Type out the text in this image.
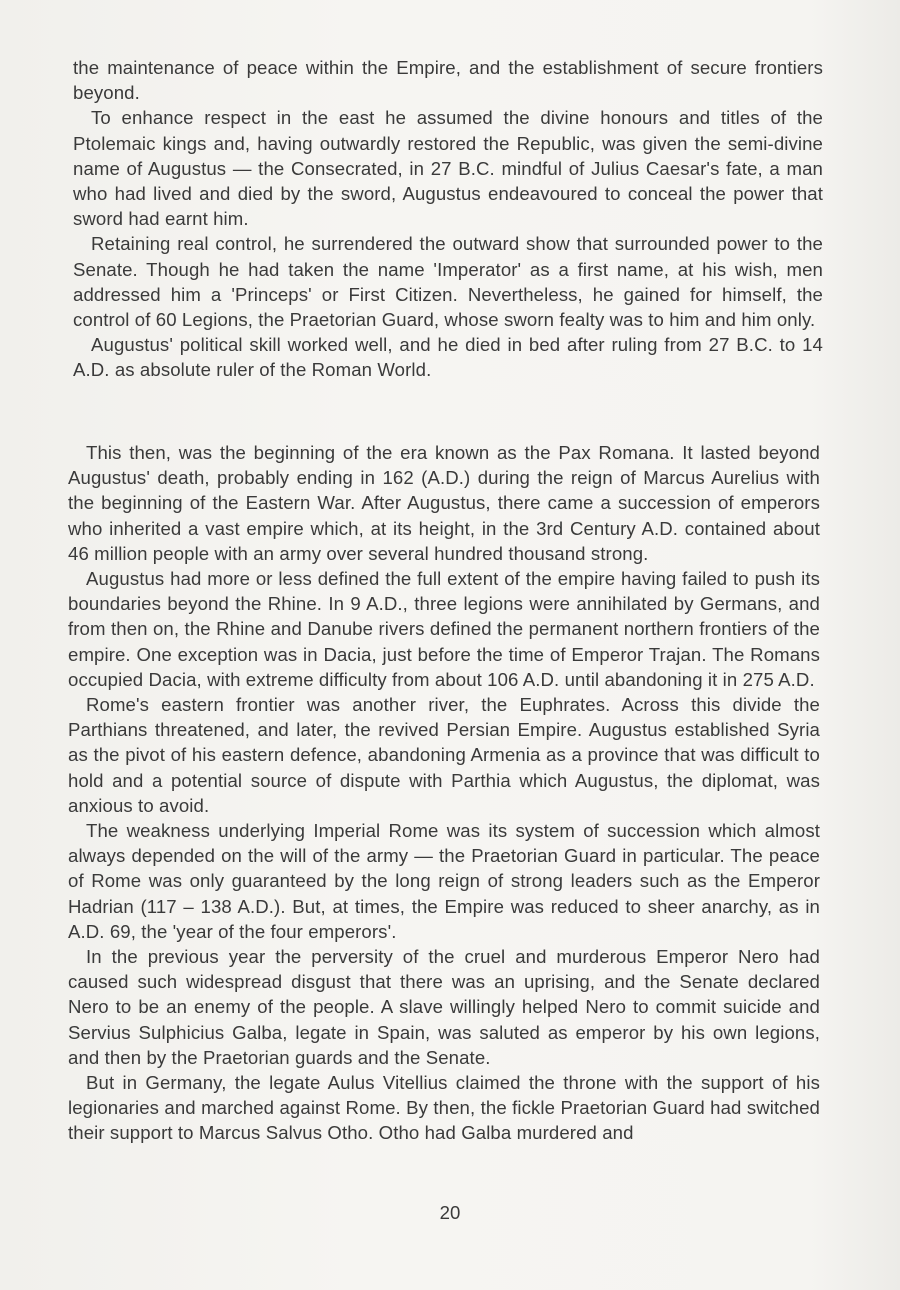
the maintenance of peace within the Empire, and the establishment of secure frontiers beyond.

To enhance respect in the east he assumed the divine honours and titles of the Ptolemaic kings and, having outwardly restored the Republic, was given the semi-divine name of Augustus — the Consecrated, in 27 B.C. mindful of Julius Caesar's fate, a man who had lived and died by the sword, Augustus endeavoured to conceal the power that sword had earnt him.

Retaining real control, he surrendered the outward show that surrounded power to the Senate. Though he had taken the name 'Imperator' as a first name, at his wish, men addressed him a 'Princeps' or First Citizen. Nevertheless, he gained for himself, the control of 60 Legions, the Praetorian Guard, whose sworn fealty was to him and him only.

Augustus' political skill worked well, and he died in bed after ruling from 27 B.C. to 14 A.D. as absolute ruler of the Roman World.

This then, was the beginning of the era known as the Pax Romana. It lasted beyond Augustus' death, probably ending in 162 (A.D.) during the reign of Marcus Aurelius with the beginning of the Eastern War. After Augustus, there came a succession of emperors who inherited a vast empire which, at its height, in the 3rd Century A.D. contained about 46 million people with an army over several hundred thousand strong.

Augustus had more or less defined the full extent of the empire having failed to push its boundaries beyond the Rhine. In 9 A.D., three legions were annihilated by Germans, and from then on, the Rhine and Danube rivers defined the permanent northern frontiers of the empire. One exception was in Dacia, just before the time of Emperor Trajan. The Romans occupied Dacia, with extreme difficulty from about 106 A.D. until abandoning it in 275 A.D.

Rome's eastern frontier was another river, the Euphrates. Across this divide the Parthians threatened, and later, the revived Persian Empire. Augustus established Syria as the pivot of his eastern defence, abandoning Armenia as a province that was difficult to hold and a potential source of dispute with Parthia which Augustus, the diplomat, was anxious to avoid.

The weakness underlying Imperial Rome was its system of succession which almost always depended on the will of the army — the Praetorian Guard in particular. The peace of Rome was only guaranteed by the long reign of strong leaders such as the Emperor Hadrian (117 – 138 A.D.). But, at times, the Empire was reduced to sheer anarchy, as in A.D. 69, the 'year of the four emperors'.

In the previous year the perversity of the cruel and murderous Emperor Nero had caused such widespread disgust that there was an uprising, and the Senate declared Nero to be an enemy of the people. A slave willingly helped Nero to commit suicide and Servius Sulphicius Galba, legate in Spain, was saluted as emperor by his own legions, and then by the Praetorian guards and the Senate.

But in Germany, the legate Aulus Vitellius claimed the throne with the support of his legionaries and marched against Rome. By then, the fickle Praetorian Guard had switched their support to Marcus Salvus Otho. Otho had Galba murdered and

20
